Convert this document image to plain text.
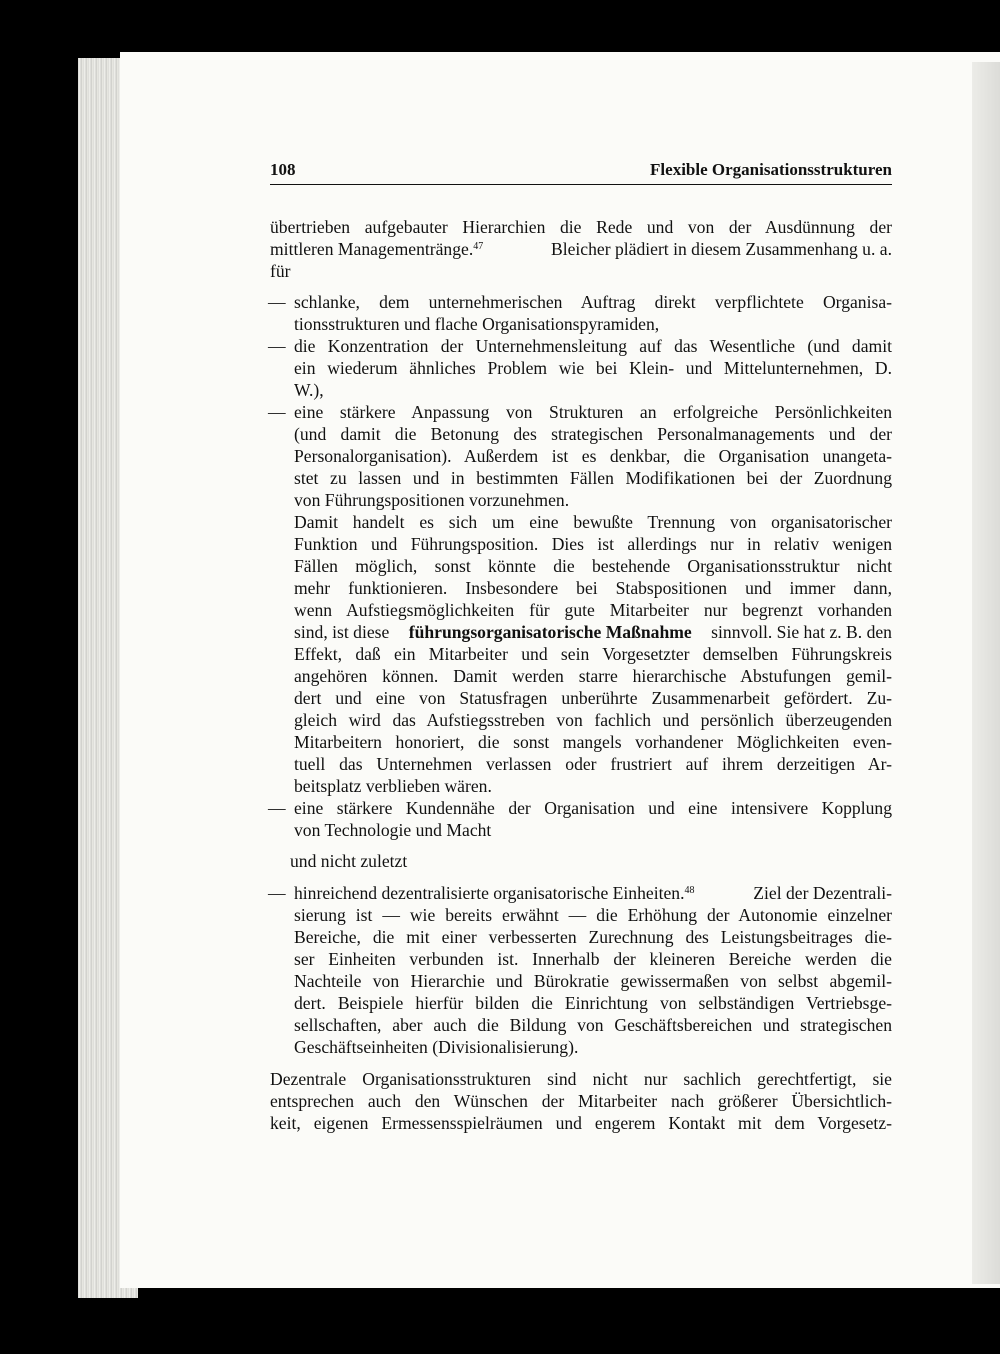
108	Flexible Organisationsstrukturen
übertrieben aufgebauter Hierarchien die Rede und von der Ausdünnung der
mittleren Managementränge.$^{47}$	Bleicher plädiert in diesem Zusammenhang u. a.
für
— schlanke, dem unternehmerischen Auftrag direkt verpflichtete Organisa-
tionsstrukturen und flache Organisationspyramiden,
— die Konzentration der Unternehmensleitung auf das Wesentliche (und damit
ein wiederum ähnliches Problem wie bei Klein- und Mittelunternehmen, D.
W.),
— eine stärkere Anpassung von Strukturen an erfolgreiche Persönlichkeiten
(und damit die Betonung des strategischen Personalmanagements und der
Personalorganisation). Außerdem ist es denkbar, die Organisation unangeta-
stet zu lassen und in bestimmten Fällen Modifikationen bei der Zuordnung
von Führungspositionen vorzunehmen.
Damit handelt es sich um eine bewußte Trennung von organisatorischer
Funktion und Führungsposition. Dies ist allerdings nur in relativ wenigen
Fällen möglich, sonst könnte die bestehende Organisationsstruktur nicht
mehr funktionieren. Insbesondere bei Stabspositionen und immer dann,
wenn Aufstiegsmöglichkeiten für gute Mitarbeiter nur begrenzt vorhanden
sind, ist diese führungsorganisatorische Maßnahme sinnvoll. Sie hat z. B. den
Effekt, daß ein Mitarbeiter und sein Vorgesetzter demselben Führungskreis
angehören können. Damit werden starre hierarchische Abstufungen gemil-
dert und eine von Statusfragen unberührte Zusammenarbeit gefördert. Zu-
gleich wird das Aufstiegsstreben von fachlich und persönlich überzeugenden
Mitarbeitern honoriert, die sonst mangels vorhandener Möglichkeiten even-
tuell das Unternehmen verlassen oder frustriert auf ihrem derzeitigen Ar-
beitsplatz verblieben wären.
— eine stärkere Kundennähe der Organisation und eine intensivere Kopplung
von Technologie und Macht
und nicht zuletzt
— hinreichend dezentralisierte organisatorische Einheiten.$^{48}$	Ziel der Dezentrali-
sierung ist — wie bereits erwähnt — die Erhöhung der Autonomie einzelner
Bereiche, die mit einer verbesserten Zurechnung des Leistungsbeitrages die-
ser Einheiten verbunden ist. Innerhalb der kleineren Bereiche werden die
Nachteile von Hierarchie und Bürokratie gewissermaßen von selbst abgemil-
dert. Beispiele hierfür bilden die Einrichtung von selbständigen Vertriebsge-
sellschaften, aber auch die Bildung von Geschäftsbereichen und strategischen
Geschäftseinheiten (Divisionalisierung).
Dezentrale Organisationsstrukturen sind nicht nur sachlich gerechtfertigt, sie
entsprechen auch den Wünschen der Mitarbeiter nach größerer Übersichtlich-
keit, eigenen Ermessensspielräumen und engerem Kontakt mit dem Vorgesetz-
